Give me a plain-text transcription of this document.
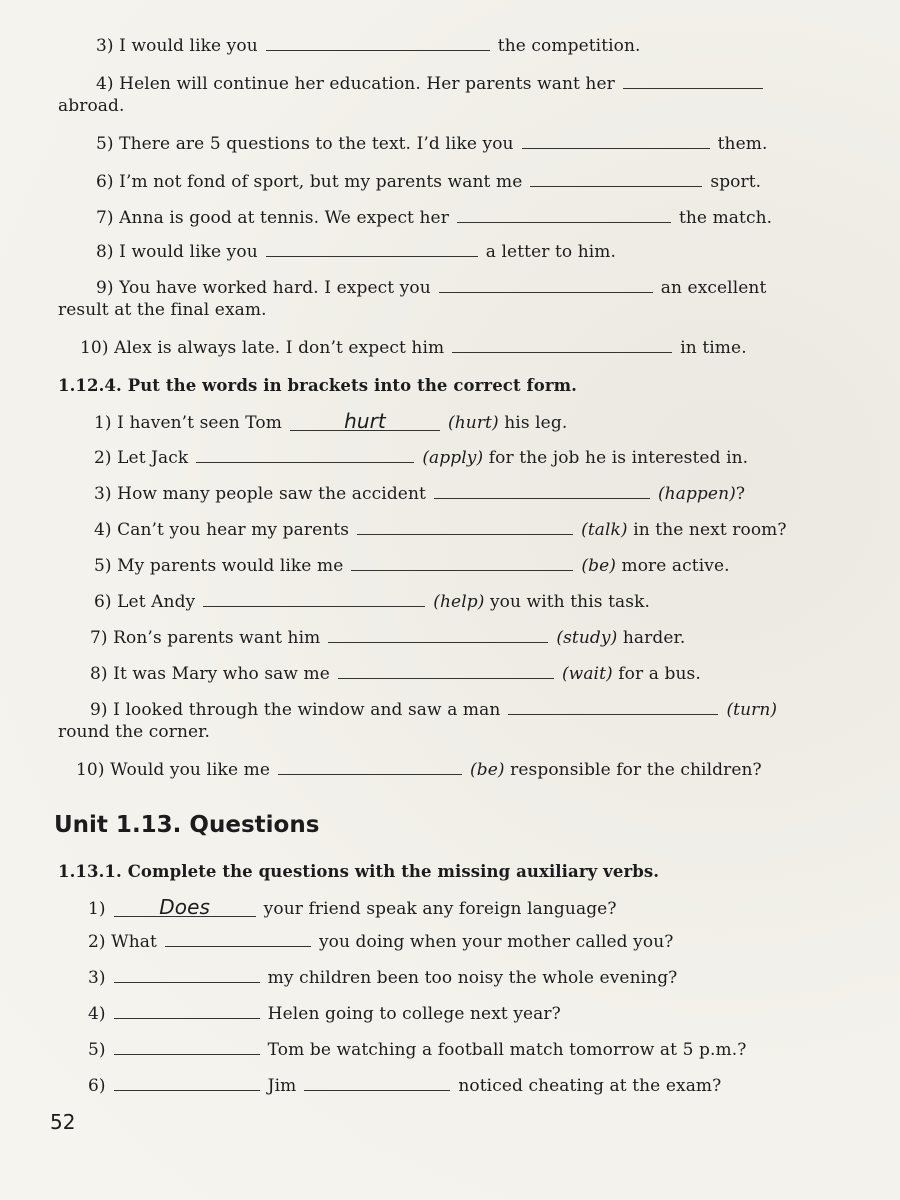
3) I would like you	the competition.
4) Helen will continue her education. Her parents want her
abroad.
5) There are 5 questions to the text. I’d like you	them.
6) I’m not fond of sport, but my parents want me	sport.
7) Anna is good at tennis. We expect her	the match.
8) I would like you	a letter to him.
9) You have worked hard. I expect you	an excellent
result at the final exam.
10) Alex is always late. I don’t expect him	in time.
1.12.4. Put the words in brackets into the correct form.
1) I haven’t seen Tom	hurt	(hurt) his leg.
2) Let Jack	(apply) for the job he is interested in.
3) How many people saw the accident	(happen)?
4) Can’t you hear my parents	(talk) in the next room?
5) My parents would like me	(be) more active.
6) Let Andy	(help) you with this task.
7) Ron’s parents want him	(study) harder.
8) It was Mary who saw me	(wait) for a bus.
9) I looked through the window and saw a man	(turn)
round the corner.
10) Would you like me	(be) responsible for the children?
Unit 1.13. Questions
1.13.1. Complete the questions with the missing auxiliary verbs.
1)	Does	your friend speak any foreign language?
2) What	you doing when your mother called you?
3)	my children been too noisy the whole evening?
4)	Helen going to college next year?
5)	Tom be watching a football match tomorrow at 5 p.m.?
6)	Jim	noticed cheating at the exam?
52
